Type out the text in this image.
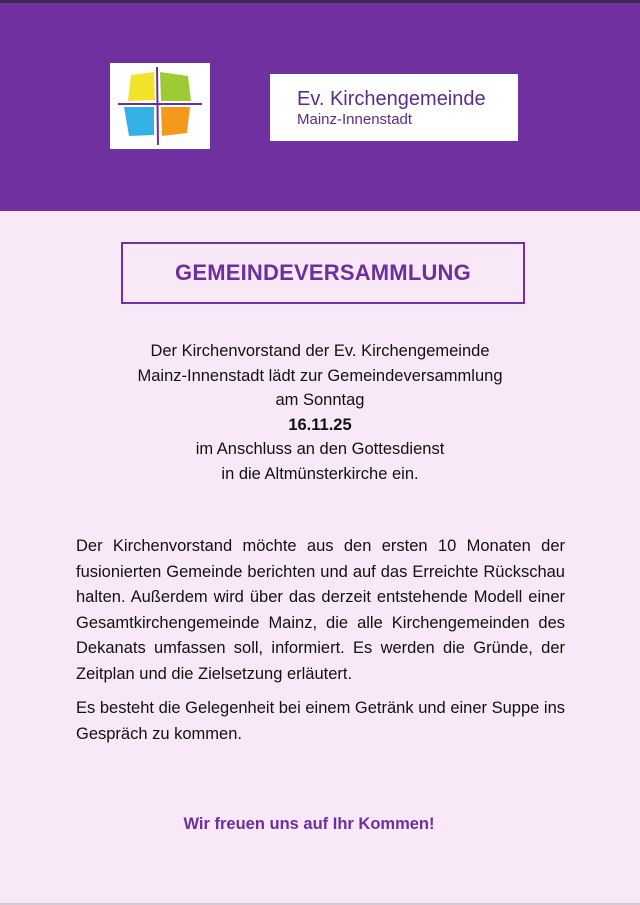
Ev. Kirchengemeinde
Mainz-Innenstadt
GEMEINDEVERSAMMLUNG
Der Kirchenvorstand der Ev. Kirchengemeinde
Mainz-Innenstadt lädt zur Gemeindeversammlung
am Sonntag
16.11.25
im Anschluss an den Gottesdienst
in die Altmünsterkirche ein.

Der Kirchenvorstand möchte aus den ersten 10 Monaten der fusionierten Gemeinde berichten und auf das Erreichte Rückschau halten. Außerdem wird über das derzeit entstehende Modell einer Gesamtkirchengemeinde Mainz, die alle Kirchengemeinden des Dekanats umfassen soll, informiert. Es werden die Gründe, der Zeitplan und die Zielsetzung erläutert.

Es besteht die Gelegenheit bei einem Getränk und einer Suppe ins Gespräch zu kommen.

Wir freuen uns auf Ihr Kommen!
